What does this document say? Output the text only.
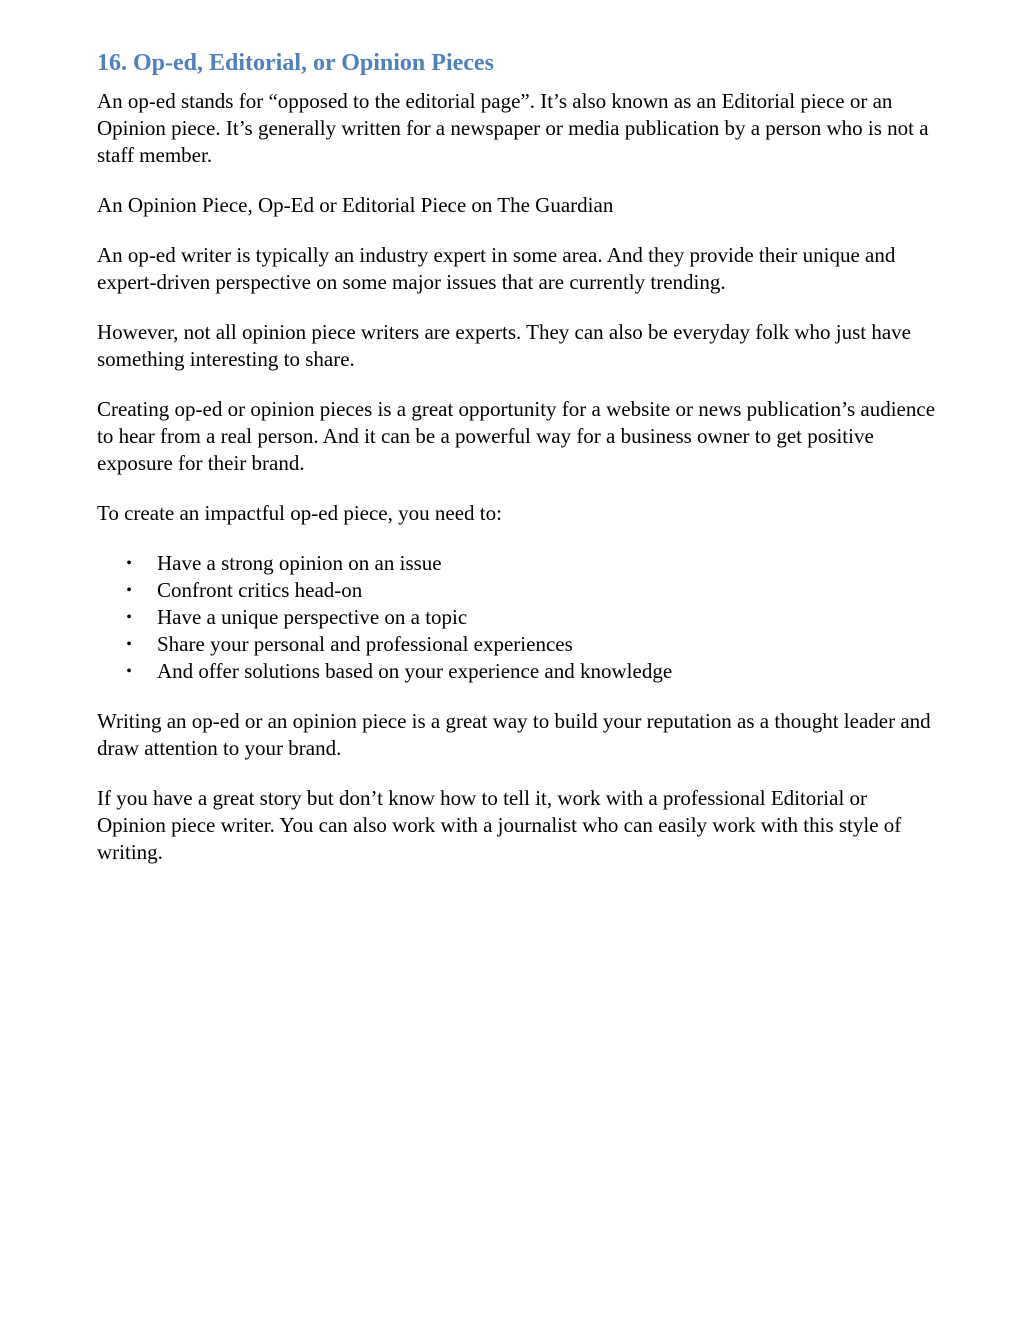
16. Op-ed, Editorial, or Opinion Pieces

An op-ed stands for “opposed to the editorial page”. It’s also known as an Editorial piece or an Opinion piece. It’s generally written for a newspaper or media publication by a person who is not a staff member.

An Opinion Piece, Op-Ed or Editorial Piece on The Guardian

An op-ed writer is typically an industry expert in some area. And they provide their unique and expert-driven perspective on some major issues that are currently trending.

However, not all opinion piece writers are experts. They can also be everyday folk who just have something interesting to share.

Creating op-ed or opinion pieces is a great opportunity for a website or news publication’s audience to hear from a real person. And it can be a powerful way for a business owner to get positive exposure for their brand.

To create an impactful op-ed piece, you need to:

•	Have a strong opinion on an issue
•	Confront critics head-on
•	Have a unique perspective on a topic
•	Share your personal and professional experiences
•	And offer solutions based on your experience and knowledge

Writing an op-ed or an opinion piece is a great way to build your reputation as a thought leader and draw attention to your brand.

If you have a great story but don’t know how to tell it, work with a professional Editorial or Opinion piece writer. You can also work with a journalist who can easily work with this style of writing.
